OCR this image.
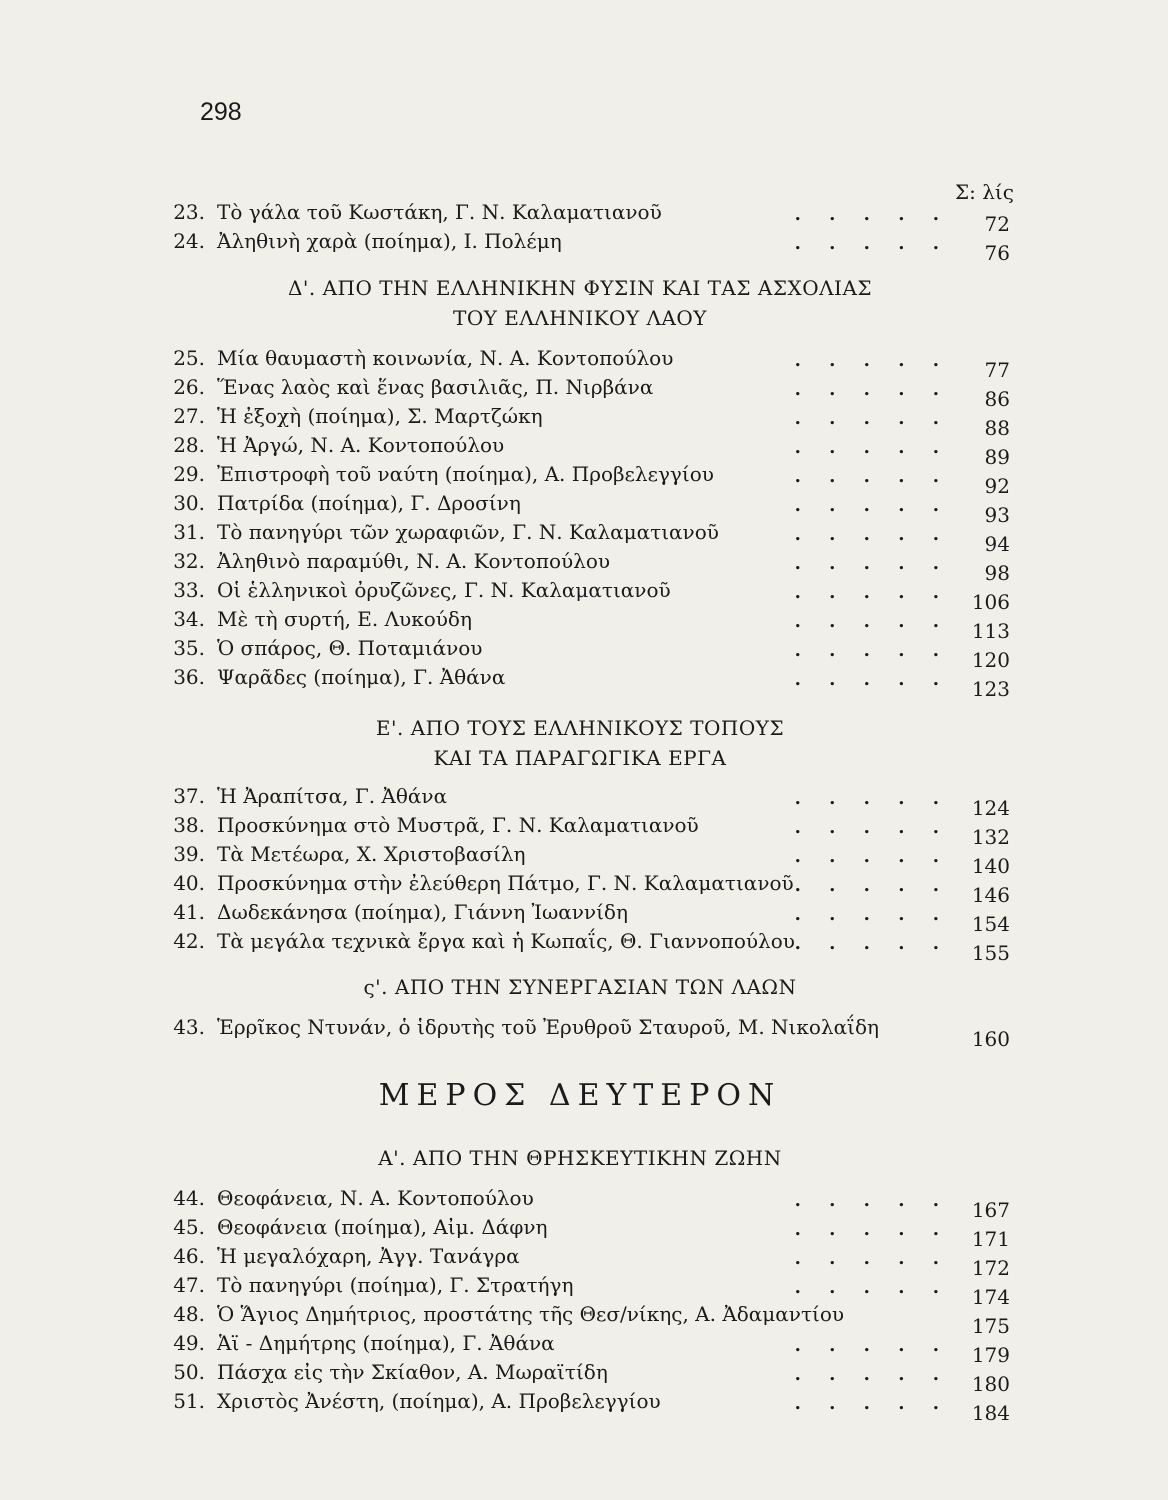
298
Σ: λίς
23. Τὸ γάλα τοῦ Κωστάκη, Γ. Ν. Καλαματιανοῦ	. . . . .	72
24. Ἀληθινὴ χαρὰ (ποίημα), Ι. Πολέμη	. . . . .	76
Δ'. ΑΠΟ ΤΗΝ ΕΛΛΗΝΙΚΗΝ ΦΥΣΙΝ ΚΑΙ ΤΑΣ ΑΣΧΟΛΙΑΣ
ΤΟΥ ΕΛΛΗΝΙΚΟΥ ΛΑΟΥ
25. Μία θαυμαστὴ κοινωνία, Ν. Α. Κοντοπούλου	. . . . .	77
26. Ἕνας λαὸς καὶ ἕνας βασιλιᾶς, Π. Νιρβάνα	. . . . .	86
27. Ἡ ἐξοχὴ (ποίημα), Σ. Μαρτζώκη	. . . . .	88
28. Ἡ Ἀργώ, Ν. Α. Κοντοπούλου	. . . . .	89
29. Ἐπιστροφὴ τοῦ ναύτη (ποίημα), Α. Προβελεγγίου	. . . . .	92
30. Πατρίδα (ποίημα), Γ. Δροσίνη	. . . . .	93
31. Τὸ πανηγύρι τῶν χωραφιῶν, Γ. Ν. Καλαματιανοῦ	. . . . .	94
32. Ἀληθινὸ παραμύθι, Ν. Α. Κοντοπούλου	. . . . .	98
33. Οἱ ἑλληνικοὶ ὀρυζῶνες, Γ. Ν. Καλαματιανοῦ	. . . . .	106
34. Μὲ τὴ συρτή, Ε. Λυκούδη	. . . . .	113
35. Ὁ σπάρος, Θ. Ποταμιάνου	. . . . .	120
36. Ψαρᾶδες (ποίημα), Γ. Ἀθάνα	. . . . .	123
Ε'. ΑΠΟ ΤΟΥΣ ΕΛΛΗΝΙΚΟΥΣ ΤΟΠΟΥΣ
ΚΑΙ ΤΑ ΠΑΡΑΓΩΓΙΚΑ ΕΡΓΑ
37. Ἡ Ἀραπίτσα, Γ. Ἀθάνα	. . . . .	124
38. Προσκύνημα στὸ Μυστρᾶ, Γ. Ν. Καλαματιανοῦ	. . . . .	132
39. Τὰ Μετέωρα, Χ. Χριστοβασίλη	. . . . .	140
40. Προσκύνημα στὴν ἐλεύθερη Πάτμο, Γ. Ν. Καλαματιανοῦ . . . . .	146
41. Δωδεκάνησα (ποίημα), Γιάννη Ἰωαννίδη	. . . . .	154
42. Τὰ μεγάλα τεχνικὰ ἔργα καὶ ἡ Κωπαΐς, Θ. Γιαννοπούλου . . . . .	155
ς'. ΑΠΟ ΤΗΝ ΣΥΝΕΡΓΑΣΙΑΝ ΤΩΝ ΛΑΩΝ
43. Ἑρρῖκος Ντυνάν, ὁ ἱδρυτὴς τοῦ Ἐρυθροῦ Σταυροῦ, Μ. Νικολαΐδη	160
ΜΕΡΟΣ ΔΕΥΤΕΡΟΝ
Α'. ΑΠΟ ΤΗΝ ΘΡΗΣΚΕΥΤΙΚΗΝ ΖΩΗΝ
44. Θεοφάνεια, Ν. Α. Κοντοπούλου	. . . . .	167
45. Θεοφάνεια (ποίημα), Αἰμ. Δάφνη	. . . . .	171
46. Ἡ μεγαλόχαρη, Ἀγγ. Τανάγρα	. . . . .	172
47. Τὸ πανηγύρι (ποίημα), Γ. Στρατήγη	. . . . .	174
48. Ὁ Ἅγιος Δημήτριος, προστάτης τῆς Θεσ/νίκης, Α. Ἀδαμαντίου	175
49. Ἁϊ - Δημήτρης (ποίημα), Γ. Ἀθάνα	. . . . .	179
50. Πάσχα εἰς τὴν Σκίαθον, Α. Μωραϊτίδη	. . . . .	180
51. Χριστὸς Ἀνέστη, (ποίημα), Α. Προβελεγγίου	. . . . .	184
